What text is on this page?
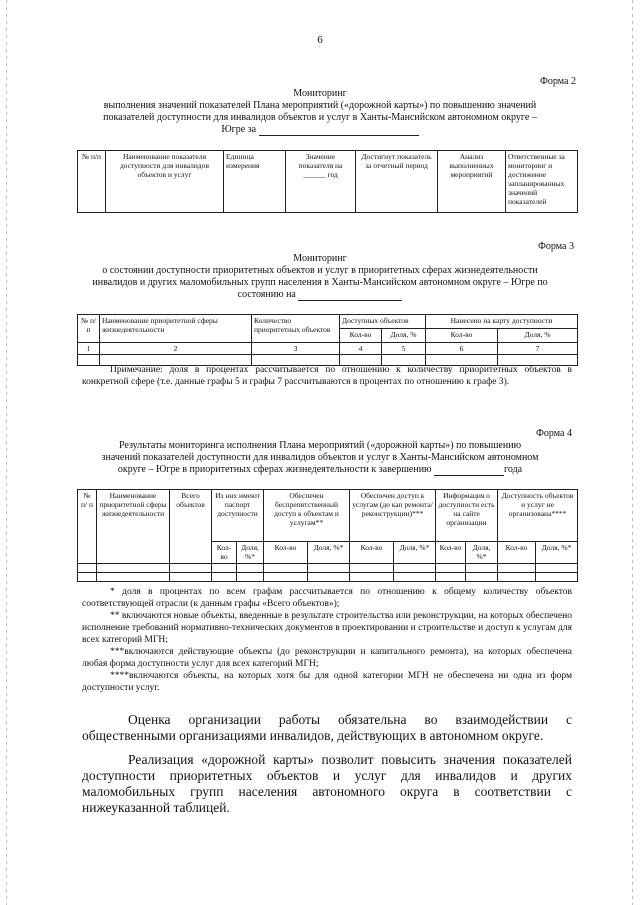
6
Форма 2
Мониторинг
выполнения значений показателей Плана мероприятий («дорожной карты») по повышению значений
показателей доступности для инвалидов объектов и услуг в Ханты-Мансийском автономном округе –
Югре за
№ п/п	Наименование показателя доступности для инвалидов объектов и услуг	Единица измерения	Значение показателя на ______ год	Достигнут показатель за отчетный период	Анализ выполненных мероприятий	Ответственные за мониторинг и достижение запланированных значений показателей
Форма 3
Мониторинг
о состоянии доступности приоритетных объектов и услуг в приоритетных сферах жизнедеятельности
инвалидов и других маломобильных групп населения в Ханты-Мансийском автономном округе – Югре по
состоянию на
№ п/п	Наименование приоритетной сферы жизнедеятельности	Количество приоритетных объектов	Доступных объектов		Нанесено на карту доступности	
			Кол-во	Доля, %	Кол-во	Доля, %
1	2	3	4	5	6	7

Примечание: доля в процентах рассчитывается по отношению к количеству приоритетных объектов в конкретной сфере (т.е. данные графы 5 и графы 7 рассчитываются в процентах по отношению к графе 3).

Форма 4
Результаты мониторинга исполнения Плана мероприятий («дорожной карты») по повышению
значений показателей доступности для инвалидов объектов и услуг в Ханты-Мансийском автономном
округе – Югре в приоритетных сферах жизнедеятельности к завершению	года
№ п/ п	Наименование приоритетной сферы жизнедеятельности	Всего объектов	Из них имеют паспорт доступности		Обеспечен беспрепятственный доступ к объектам и услугам**		Обеспечен доступ к услугам (до кап ремонта/ реконструкции)***		Информация о доступности есть на сайте организации		Доступность объектов и услуг не организована****	
			Кол-во	Доля, %*	Кол-во	Доля, %*	Кол-во	Доля, %*	Кол-во	Доля, %*	Кол-во	Доля, %*

* доля в процентах по всем графам рассчитывается по отношению к общему количеству объектов соответствующей отрасли (к данным графы «Всего объектов»);

** включаются новые объекты, введенные в результате строительства или реконструкции, на которых обеспечено исполнение требований нормативно-технических документов в проектировании и строительстве и доступ к услугам для всех категорий МГН;

***включаются действующие объекты (до реконструкции и капитального ремонта), на которых обеспечена любая форма доступности услуг для всех категорий МГН;

****включаются объекты, на которых хотя бы для одной категории МГН не обеспечена ни одна из форм доступности услуг.

Оценка организации работы обязательна во взаимодействии с общественными организациями инвалидов, действующих в автономном округе.

Реализация «дорожной карты» позволит повысить значения показателей доступности приоритетных объектов и услуг для инвалидов и других маломобильных групп населения автономного округа в соответствии с нижеуказанной таблицей.
